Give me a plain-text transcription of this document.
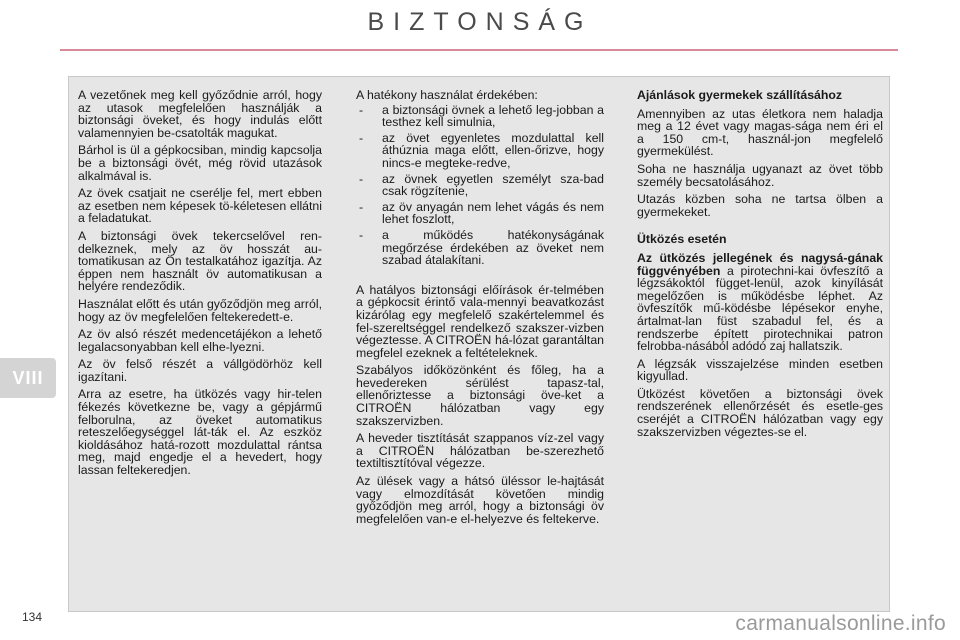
BIZTONSÁG
VIII

A vezetőnek meg kell győződnie arról, hogy az utasok megfelelően használják a biztonsági öveket, és hogy indulás előtt valamennyien be-csatolták magukat.

Bárhol is ül a gépkocsiban, mindig kapcsolja be a biztonsági övét, még rövid utazások alkalmával is.

Az övek csatjait ne cserélje fel, mert ebben az esetben nem képesek tö-kéletesen ellátni a feladatukat.

A biztonsági övek tekercselővel ren-delkeznek, mely az öv hosszát au-tomatikusan az Ön testalkatához igazítja. Az éppen nem használt öv automatikusan a helyére rendeződik.

Használat előtt és után győződjön meg arról, hogy az öv megfelelően feltekeredett-e.

Az öv alsó részét medencetájékon a lehető legalacsonyabban kell elhe-lyezni.

Az öv felső részét a vállgödörhöz kell igazítani.

Arra az esetre, ha ütközés vagy hir-telen fékezés következne be, vagy a gépjármű felborulna, az öveket automatikus reteszelőegységgel lát-ták el. Az eszköz kioldásához hatá-rozott mozdulattal rántsa meg, majd engedje el a hevedert, hogy lassan feltekeredjen.

A hatékony használat érdekében:

- a biztonsági övnek a lehető leg-jobban a testhez kell simulnia,
- az övet egyenletes mozdulattal kell áthúznia maga előtt, ellen-őrizve, hogy nincs-e megteke-redve,
- az övnek egyetlen személyt sza-bad csak rögzítenie,
- az öv anyagán nem lehet vágás és nem lehet foszlott,
- a működés hatékonyságának megőrzése érdekében az öveket nem szabad átalakítani.

A hatályos biztonsági előírások ér-telmében a gépkocsit érintő vala-mennyi beavatkozást kizárólag egy megfelelő szakértelemmel és fel-szereltséggel rendelkező szakszer-vizben végeztesse. A CITROËN há-lózat garantáltan megfelel ezeknek a feltételeknek.

Szabályos időközönként és főleg, ha a hevedereken sérülést tapasz-tal, ellenőriztesse a biztonsági öve-ket a CITROËN hálózatban vagy egy szakszervizben.

A heveder tisztítását szappanos víz-zel vagy a CITROËN hálózatban be-szerezhető textiltisztítóval végezze.

Az ülések vagy a hátsó üléssor le-hajtását vagy elmozdítását követően mindig győződjön meg arról, hogy a biztonsági öv megfelelően van-e el-helyezve és feltekerve.

Ajánlások gyermekek szállításához

Amennyiben az utas életkora nem haladja meg a 12 évet vagy magas-sága nem éri el a 150 cm-t, használ-jon megfelelő gyermekülést.

Soha ne használja ugyanazt az övet több személy becsatolásához.

Utazás közben soha ne tartsa ölben a gyermekeket.

Ütközés esetén

Az ütközés jellegének és nagysá-gának függvényében a pirotechni-kai övfeszítő a légzsákoktól függet-lenül, azok kinyílását megelőzően is működésbe léphet. Az övfeszítők mű-ködésbe lépésekor enyhe, ártalmat-lan füst szabadul fel, és a rendszerbe épített pirotechnikai patron felrobba-násából adódó zaj hallatszik.

A légzsák visszajelzése minden esetben kigyullad.

Ütközést követően a biztonsági övek rendszerének ellenőrzését és esetle-ges cseréjét a CITROËN hálózatban vagy egy szakszervizben végeztes-se el.

134	carmanualsonline.info
